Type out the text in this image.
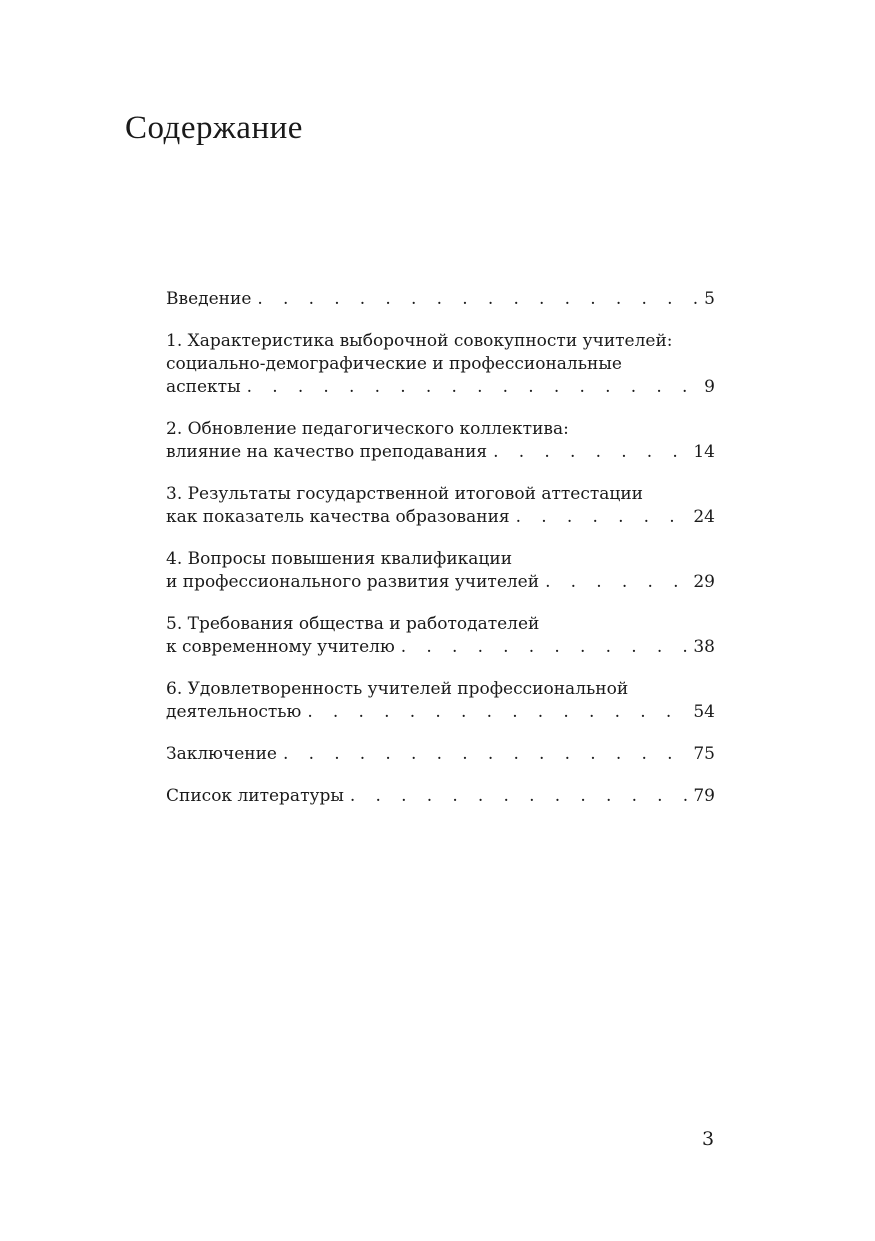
Содержание
Введение . . .	5
1. Характеристика выборочной совокупности учителей:
социально-демографические и профессиональные
аспекты . . .	9
2. Обновление педагогического коллектива:
влияние на качество преподавания . . .	14
3. Результаты государственной итоговой аттестации
как показатель качества образования . . .	24
4. Вопросы повышения квалификации
и профессионального развития учителей . . .	29
5. Требования общества и работодателей
к современному учителю . . .	38
6. Удовлетворенность учителей профессиональной
деятельностью . . .	54
Заключение . . .	75
Список литературы . . .	79
3
